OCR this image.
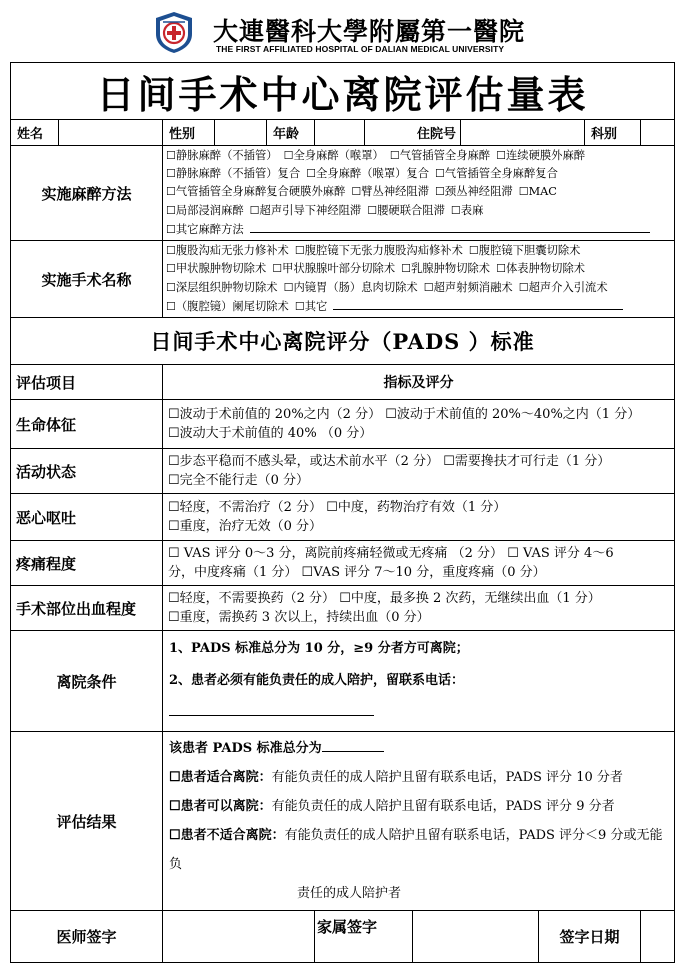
大連醫科大學附屬第一醫院
THE FIRST AFFILIATED HOSPITAL OF DALIAN MEDICAL UNIVERSITY
日间手术中心离院评估量表											
姓名		性别		年龄		住院号				科别	
实施麻醉方法		☐静脉麻醉（不插管） ☐全身麻醉（喉罩） ☐气管插管全身麻醉 ☐连续硬膜外麻醉
☐静脉麻醉（不插管）复合 ☐全身麻醉（喉罩）复合 ☐气管插管全身麻醉复合
☐气管插管全身麻醉复合硬膜外麻醉 ☐臂丛神经阻滞 ☐颈丛神经阻滞 ☐MAC
☐局部浸润麻醉 ☐超声引导下神经阻滞 ☐腰硬联合阻滞 ☐表麻
☐其它麻醉方法									

实施手术名称		☐腹股沟疝无张力修补术 ☐腹腔镜下无张力腹股沟疝修补术 ☐腹腔镜下胆囊切除术
☐甲状腺肿物切除术 ☐甲状腺腺叶部分切除术 ☐乳腺肿物切除术 ☐体表肿物切除术
☐深层组织肿物切除术 ☐内镜胃（肠）息肉切除术 ☐超声射频消融术 ☐超声介入引流术
☐（腹腔镜）阑尾切除术 ☐其它									

日间手术中心离院评分（PADS ）标准											
评估项目		指标及评分									
生命体征		☐波动于术前值的 20%之内（2 分） ☐波动于术前值的 20%～40%之内（1 分）
☐波动大于术前值的 40% （0 分）									

活动状态		☐步态平稳而不感头晕，或达术前水平（2 分） ☐需要搀扶才可行走（1 分）
☐完全不能行走（0 分）									

恶心呕吐		☐轻度，不需治疗（2 分） ☐中度，药物治疗有效（1 分）
☐重度，治疗无效（0 分）									

疼痛程度		☐ VAS 评分 0～3 分，离院前疼痛轻微或无疼痛 （2 分） ☐ VAS 评分 4～6
分，中度疼痛（1 分） ☐VAS 评分 7～10 分，重度疼痛（0 分）									

手术部位出血程度		☐轻度，不需要换药（2 分） ☐中度，最多换 2 次药，无继续出血（1 分）
☐重度，需换药 3 次以上，持续出血（0 分）									

离院条件		1、PADS 标准总分为 10 分，≥9 分者方可离院；
2、患者必须有能负责任的成人陪护，留联系电话：									

评估结果		该患者 PADS 标准总分为
☐患者适合离院：有能负责任的成人陪护且留有联系电话，PADS 评分 10 分者
☐患者可以离院：有能负责任的成人陪护且留有联系电话，PADS 评分 9 分者
☐患者不适合离院：有能负责任的成人陪护且留有联系电话，PADS 评分＜9 分或无能负
责任的成人陪护者									

医师签字					家属签字				签字日期		
